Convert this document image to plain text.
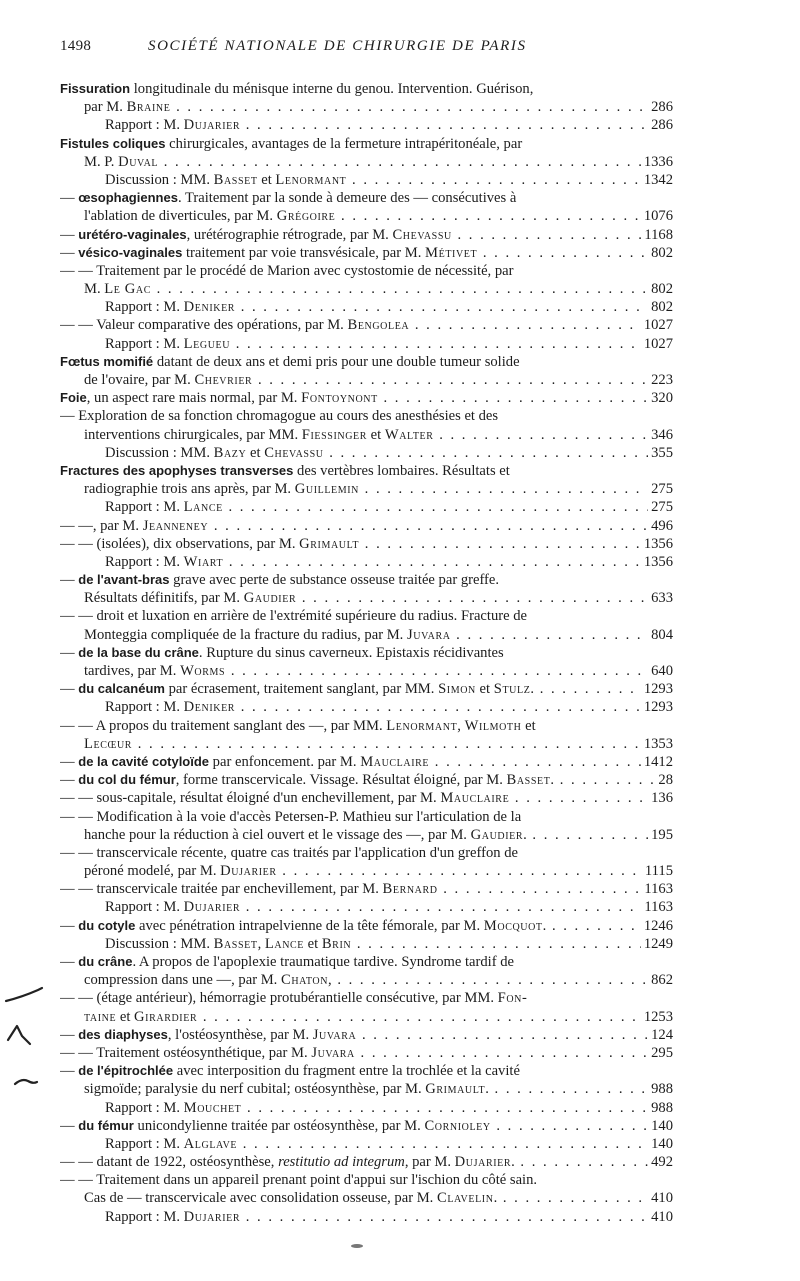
1498	SOCIÉTÉ NATIONALE DE CHIRURGIE DE PARIS
Fissuration longitudinale du ménisque interne du genou. Intervention. Guérison,
par M. Braine . . .	286
Rapport : M. Dujarier . . .	286
Fistules coliques chirurgicales, avantages de la fermeture intrapéritonéale, par
M. P. Duval . . .	1336
Discussion : MM. Basset et Lenormant . . .	1342
— œsophagiennes. Traitement par la sonde à demeure des — consécutives à
l'ablation de diverticules, par M. Grégoire . . .	1076
— urétéro-vaginales, urétérographie rétrograde, par M. Chevassu . . .	1168
— vésico-vaginales traitement par voie transvésicale, par M. Métivet . . .	802
— — Traitement par le procédé de Marion avec cystostomie de nécessité, par
M. Le Gac . . .	802
Rapport : M. Deniker . . .	802
— — Valeur comparative des opérations, par M. Bengolea . . .	1027
Rapport : M. Legueu . . .	1027
Fœtus momifié datant de deux ans et demi pris pour une double tumeur solide
de l'ovaire, par M. Chevrier . . .	223
Foie, un aspect rare mais normal, par M. Fontoynont . . .	320
— Exploration de sa fonction chromagogue au cours des anesthésies et des
interventions chirurgicales, par MM. Fiessinger et Walter . . .	346
Discussion : MM. Bazy et Chevassu . . .	355
Fractures des apophyses transverses des vertèbres lombaires. Résultats et
radiographie trois ans après, par M. Guillemin . . .	275
Rapport : M. Lance . . .	275
— —, par M. Jeanneney . . .	496
— — (isolées), dix observations, par M. Grimault . . .	1356
Rapport : M. Wiart . . .	1356
— de l'avant-bras grave avec perte de substance osseuse traitée par greffe.
Résultats définitifs, par M. Gaudier . . .	633
— — droit et luxation en arrière de l'extrémité supérieure du radius. Fracture de
Monteggia compliquée de la fracture du radius, par M. Juvara . . .	804
— de la base du crâne. Rupture du sinus caverneux. Epistaxis récidivantes
tardives, par M. Worms . . .	640
— du calcanéum par écrasement, traitement sanglant, par MM. Simon et Stulz. . . .	1293
Rapport : M. Deniker . . .	1293
— — A propos du traitement sanglant des —, par MM. Lenormant, Wilmoth et
Lecœur . . .	1353
— de la cavité cotyloïde par enfoncement. par M. Mauclaire . . .	1412
— du col du fémur, forme transcervicale. Vissage. Résultat éloigné, par M. Basset. . . .	28
— — sous-capitale, résultat éloigné d'un enchevillement, par M. Mauclaire . . .	136
— — Modification à la voie d'accès Petersen-P. Mathieu sur l'articulation de la
hanche pour la réduction à ciel ouvert et le vissage des —, par M. Gaudier. . . .	195
— — transcervicale récente, quatre cas traités par l'application d'un greffon de
péroné modelé, par M. Dujarier . . .	1115
— — transcervicale traitée par enchevillement, par M. Bernard . . .	1163
Rapport : M. Dujarier . . .	1163
— du cotyle avec pénétration intrapelvienne de la tête fémorale, par M. Mocquot. . . .	1246
Discussion : MM. Basset, Lance et Brin . . .	1249
— du crâne. A propos de l'apoplexie traumatique tardive. Syndrome tardif de
compression dans une —, par M. Chaton, . . .	862
— — (étage antérieur), hémorragie protubérantielle consécutive, par MM. Fon-
taine et Girardier . . .	1253
— des diaphyses, l'ostéosynthèse, par M. Juvara . . .	124
— — Traitement ostéosynthétique, par M. Juvara . . .	295
— de l'épitrochlée avec interposition du fragment entre la trochlée et la cavité
sigmoïde; paralysie du nerf cubital; ostéosynthèse, par M. Grimault. . . .	988
Rapport : M. Mouchet . . .	988
— du fémur unicondylienne traitée par ostéosynthèse, par M. Cornioley . . .	140
Rapport : M. Alglave . . .	140
— — datant de 1922, ostéosynthèse, restitutio ad integrum, par M. Dujarier. . . .	492
— — Traitement dans un appareil prenant point d'appui sur l'ischion du côté sain.
Cas de — transcervicale avec consolidation osseuse, par M. Clavelin. . . .	410
Rapport : M. Dujarier . . .	410
